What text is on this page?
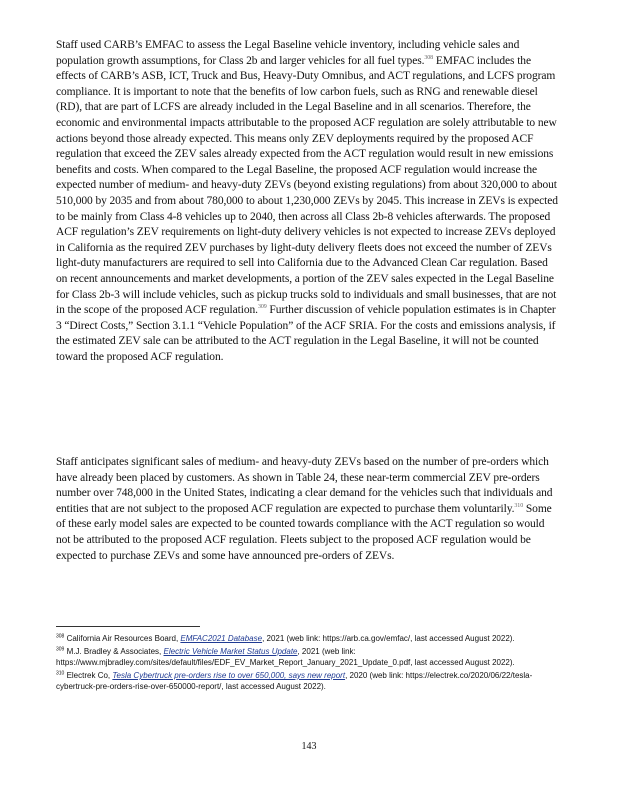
Staff used CARB’s EMFAC to assess the Legal Baseline vehicle inventory, including vehicle sales and population growth assumptions, for Class 2b and larger vehicles for all fuel types.$^{308}$ EMFAC includes the effects of CARB’s ASB, ICT, Truck and Bus, Heavy-Duty Omnibus, and ACT regulations, and LCFS program compliance. It is important to note that the benefits of low carbon fuels, such as RNG and renewable diesel (RD), that are part of LCFS are already included in the Legal Baseline and in all scenarios. Therefore, the economic and environmental impacts attributable to the proposed ACF regulation are solely attributable to new actions beyond those already expected. This means only ZEV deployments required by the proposed ACF regulation that exceed the ZEV sales already expected from the ACT regulation would result in new emissions benefits and costs. When compared to the Legal Baseline, the proposed ACF regulation would increase the expected number of medium- and heavy-duty ZEVs (beyond existing regulations) from about 320,000 to about 510,000 by 2035 and from about 780,000 to about 1,230,000 ZEVs by 2045. This increase in ZEVs is expected to be mainly from Class 4-8 vehicles up to 2040, then across all Class 2b-8 vehicles afterwards. The proposed ACF regulation’s ZEV requirements on light-duty delivery vehicles is not expected to increase ZEVs deployed in California as the required ZEV purchases by light-duty delivery fleets does not exceed the number of ZEVs light-duty manufacturers are required to sell into California due to the Advanced Clean Car regulation. Based on recent announcements and market developments, a portion of the ZEV sales expected in the Legal Baseline for Class 2b-3 will include vehicles, such as pickup trucks sold to individuals and small businesses, that are not in the scope of the proposed ACF regulation.$^{309}$ Further discussion of vehicle population estimates is in Chapter 3 “Direct Costs,” Section 3.1.1 “Vehicle Population” of the ACF SRIA. For the costs and emissions analysis, if the estimated ZEV sale can be attributed to the ACT regulation in the Legal Baseline, it will not be counted toward the proposed ACF regulation.

Staff anticipates significant sales of medium- and heavy-duty ZEVs based on the number of pre-orders which have already been placed by customers. As shown in Table 24, these near-term commercial ZEV pre-orders number over 748,000 in the United States, indicating a clear demand for the vehicles such that individuals and entities that are not subject to the proposed ACF regulation are expected to purchase them voluntarily.$^{310}$ Some of these early model sales are expected to be counted towards compliance with the ACT regulation so would not be attributed to the proposed ACF regulation. Fleets subject to the proposed ACF regulation would be expected to purchase ZEVs and some have announced pre-orders of ZEVs.

$^{308}$ California Air Resources Board, EMFAC2021 Database, 2021 (web link: https://arb.ca.gov/emfac/, last accessed August 2022).

$^{309}$ M.J. Bradley & Associates, Electric Vehicle Market Status Update, 2021 (web link: https://www.mjbradley.com/sites/default/files/EDF_EV_Market_Report_January_2021_Update_0.pdf, last accessed August 2022).

$^{310}$ Electrek Co, Tesla Cybertruck pre-orders rise to over 650,000, says new report, 2020 (web link: https://electrek.co/2020/06/22/tesla-cybertruck-pre-orders-rise-over-650000-report/, last accessed August 2022).

143
